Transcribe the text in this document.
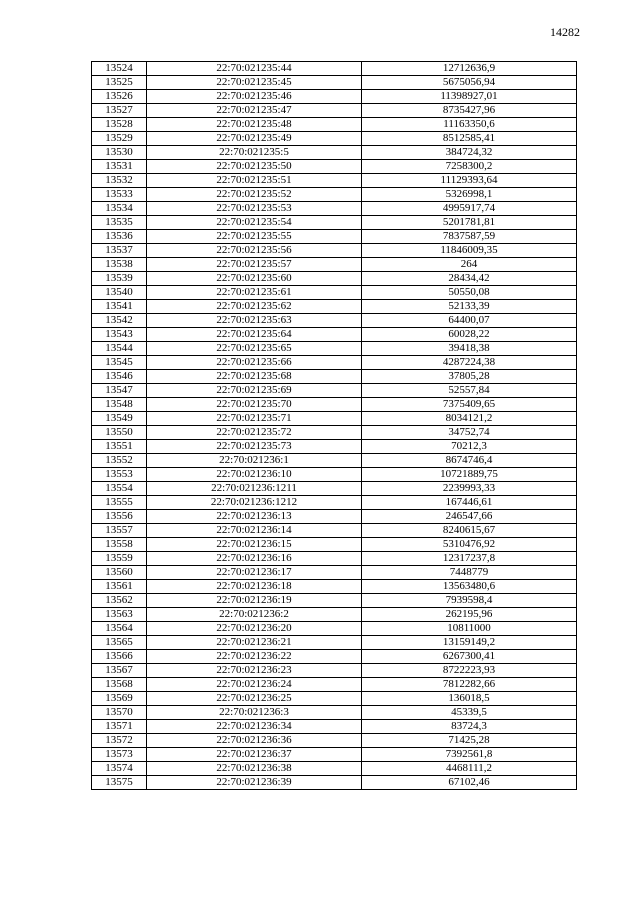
14282
13524	22:70:021235:44	12712636,9
13525	22:70:021235:45	5675056,94
13526	22:70:021235:46	11398927,01
13527	22:70:021235:47	8735427,96
13528	22:70:021235:48	11163350,6
13529	22:70:021235:49	8512585,41
13530	22:70:021235:5	384724,32
13531	22:70:021235:50	7258300,2
13532	22:70:021235:51	11129393,64
13533	22:70:021235:52	5326998,1
13534	22:70:021235:53	4995917,74
13535	22:70:021235:54	5201781,81
13536	22:70:021235:55	7837587,59
13537	22:70:021235:56	11846009,35
13538	22:70:021235:57	264
13539	22:70:021235:60	28434,42
13540	22:70:021235:61	50550,08
13541	22:70:021235:62	52133,39
13542	22:70:021235:63	64400,07
13543	22:70:021235:64	60028,22
13544	22:70:021235:65	39418,38
13545	22:70:021235:66	4287224,38
13546	22:70:021235:68	37805,28
13547	22:70:021235:69	52557,84
13548	22:70:021235:70	7375409,65
13549	22:70:021235:71	8034121,2
13550	22:70:021235:72	34752,74
13551	22:70:021235:73	70212,3
13552	22:70:021236:1	8674746,4
13553	22:70:021236:10	10721889,75
13554	22:70:021236:1211	2239993,33
13555	22:70:021236:1212	167446,61
13556	22:70:021236:13	246547,66
13557	22:70:021236:14	8240615,67
13558	22:70:021236:15	5310476,92
13559	22:70:021236:16	12317237,8
13560	22:70:021236:17	7448779
13561	22:70:021236:18	13563480,6
13562	22:70:021236:19	7939598,4
13563	22:70:021236:2	262195,96
13564	22:70:021236:20	10811000
13565	22:70:021236:21	13159149,2
13566	22:70:021236:22	6267300,41
13567	22:70:021236:23	8722223,93
13568	22:70:021236:24	7812282,66
13569	22:70:021236:25	136018,5
13570	22:70:021236:3	45339,5
13571	22:70:021236:34	83724,3
13572	22:70:021236:36	71425,28
13573	22:70:021236:37	7392561,8
13574	22:70:021236:38	4468111,2
13575	22:70:021236:39	67102,46
